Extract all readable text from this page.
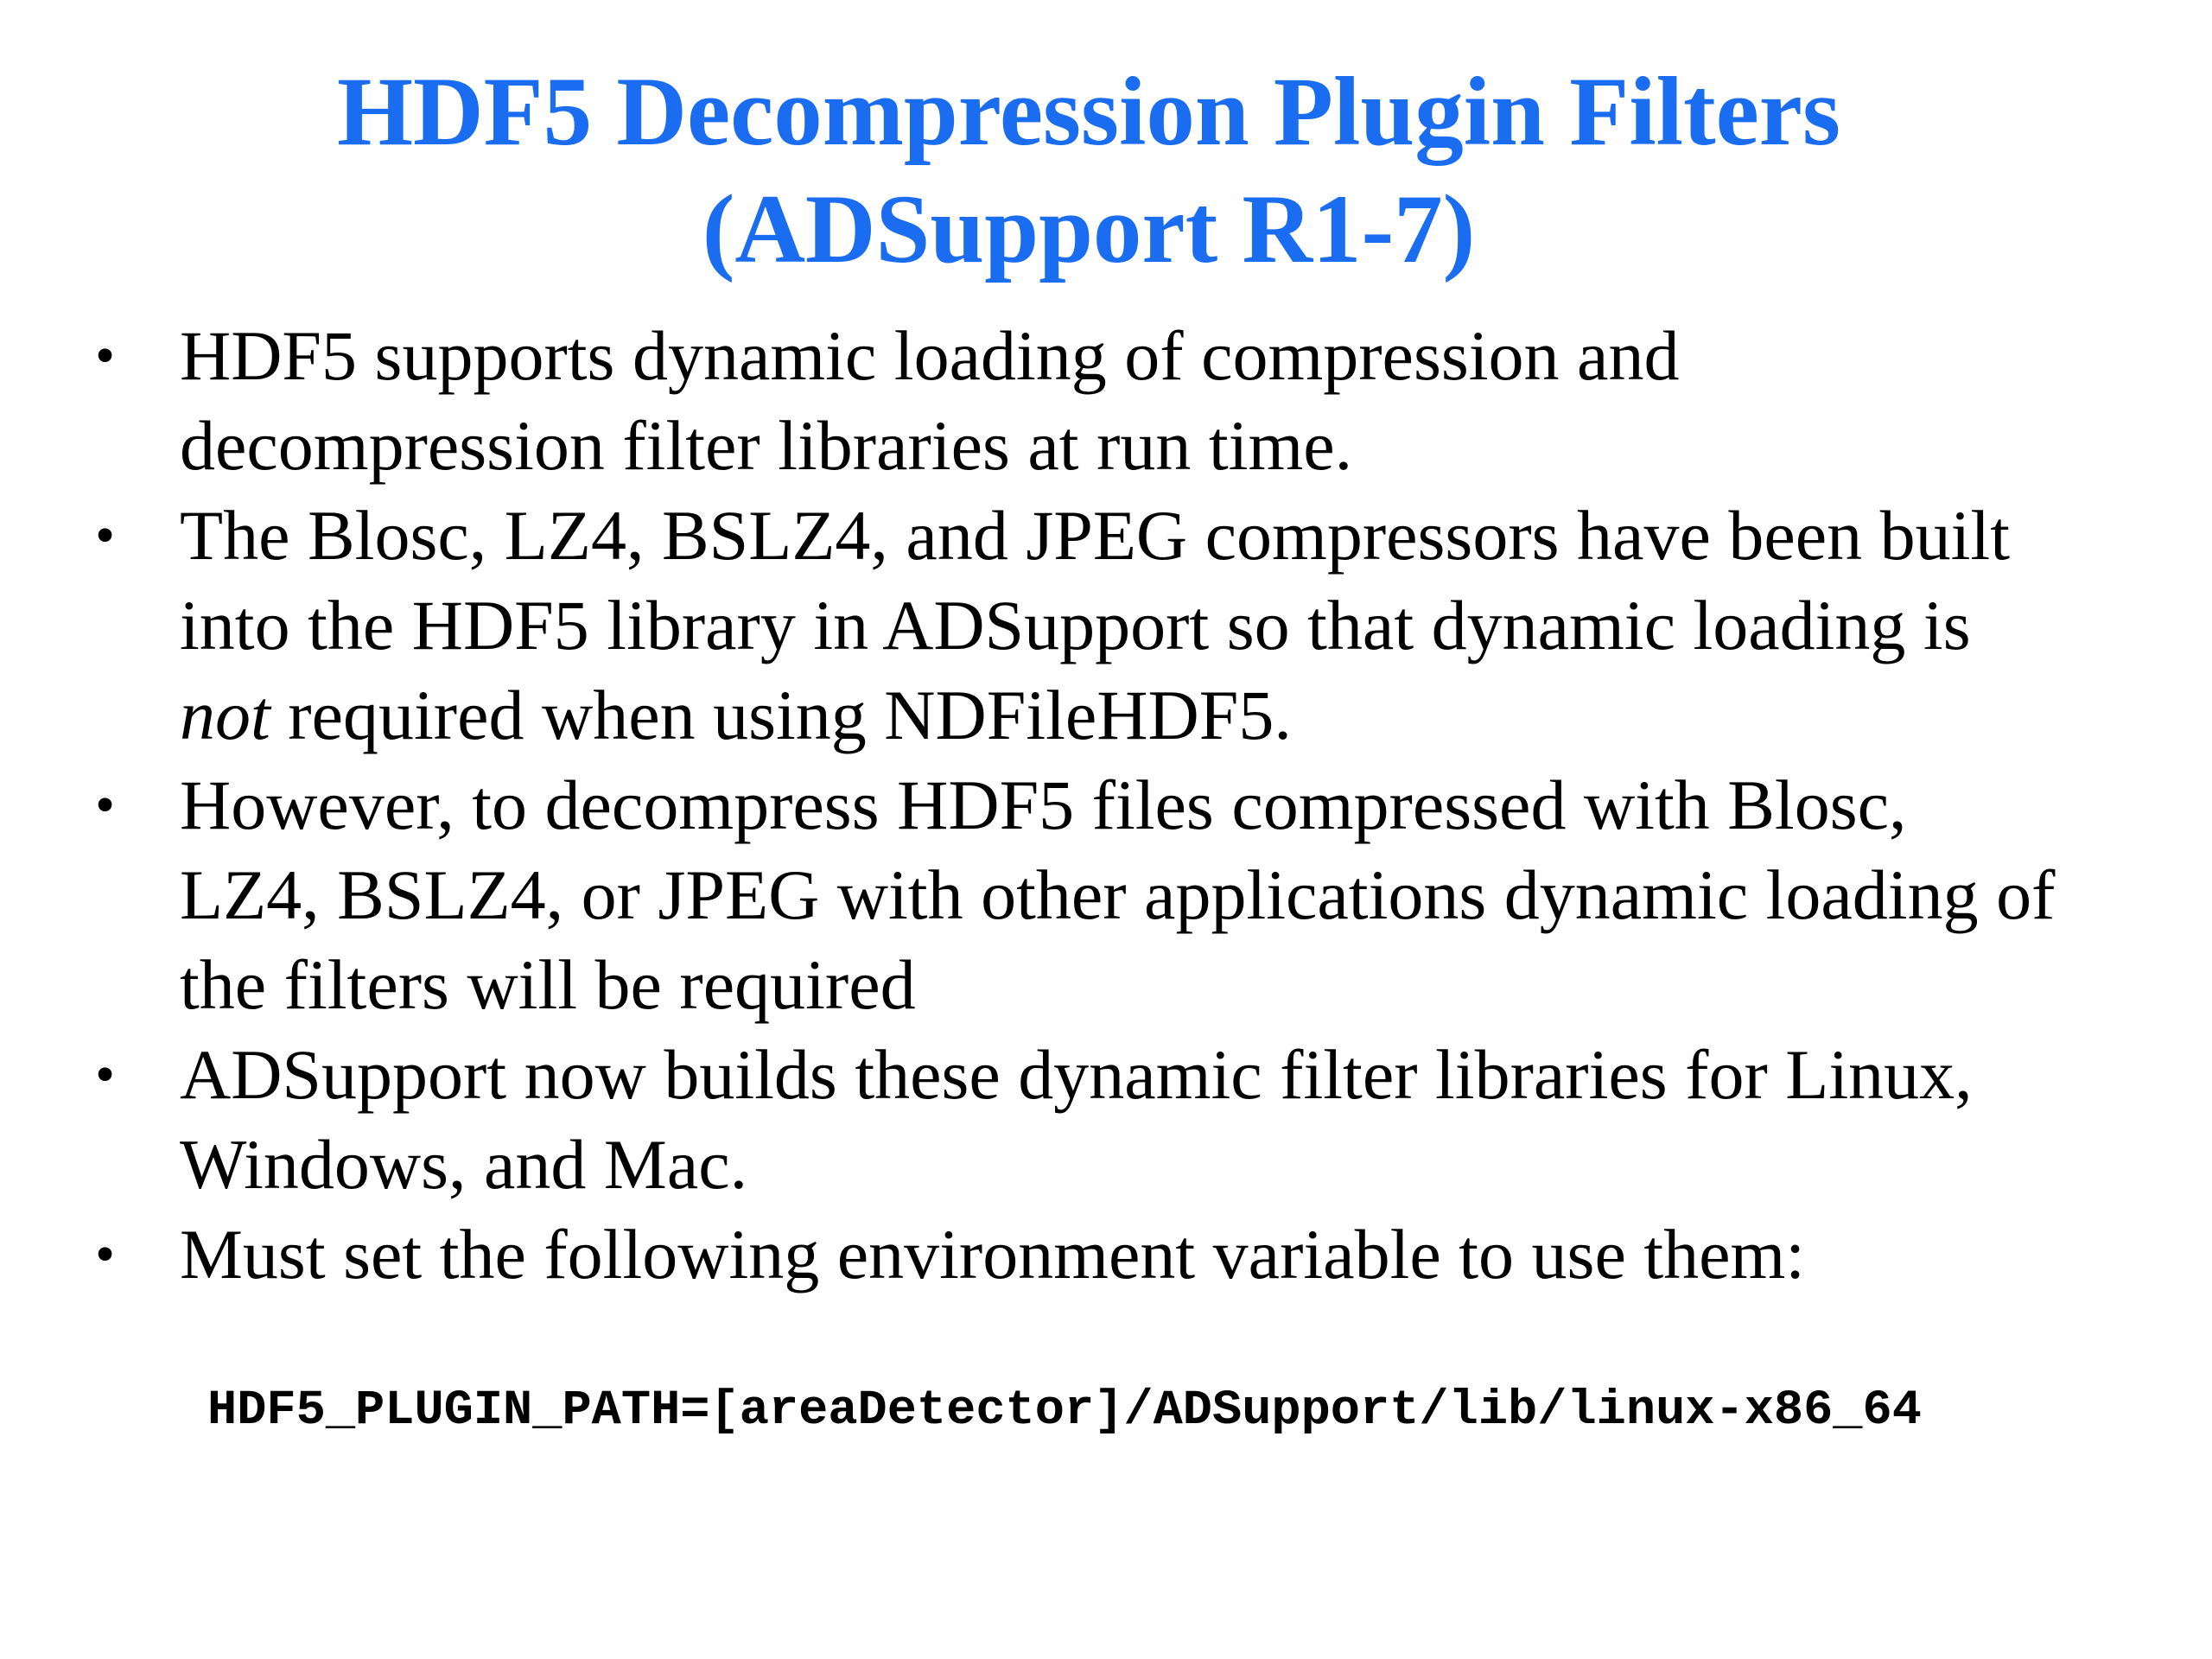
HDF5 Decompression Plugin Filters
(ADSupport R1-7)
• HDF5 supports dynamic loading of compression and
decompression filter libraries at run time.
• The Blosc, LZ4, BSLZ4, and JPEG compressors have been built
into the HDF5 library in ADSupport so that dynamic loading is
not required when using NDFileHDF5.
• However, to decompress HDF5 files compressed with Blosc,
LZ4, BSLZ4, or JPEG with other applications dynamic loading of
the filters will be required
• ADSupport now builds these dynamic filter libraries for Linux,
Windows, and Mac.
• Must set the following environment variable to use them:
HDF5_PLUGIN_PATH=[areaDetector]/ADSupport/lib/linux-x86_64
